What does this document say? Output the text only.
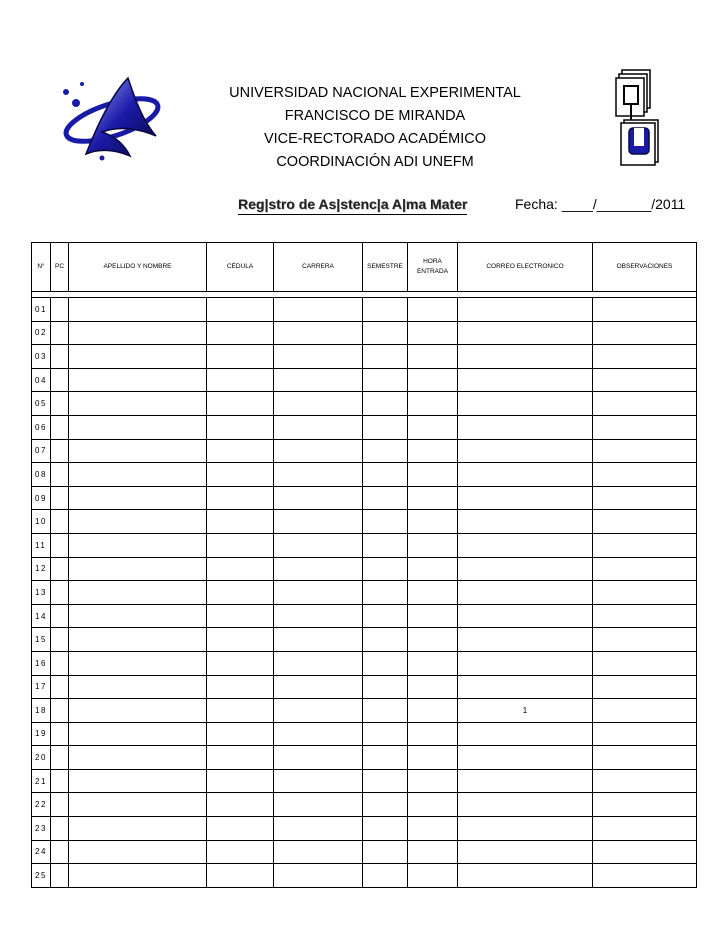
UNIVERSIDAD NACIONAL EXPERIMENTAL
FRANCISCO DE MIRANDA
VICE-RECTORADO ACADÉMICO
COORDINACIÓN ADI UNEFM
Reg|stro de As|stenc|a A|ma Mater	Fecha: ____/_______/2011
N°	PC	APELLIDO Y NOMBRE	CÉDULA	CARRERA	SEMESTRE	HORA ENTRADA	CORREO ELECTRONICO	OBSERVACIONES

01								
02								
03								
04								
05								
06								
07								
08								
09								
10								
11								
12								
13								
14								
15								
16								
17								
18							1	
19								
20								
21								
22								
23								
24								
25								
